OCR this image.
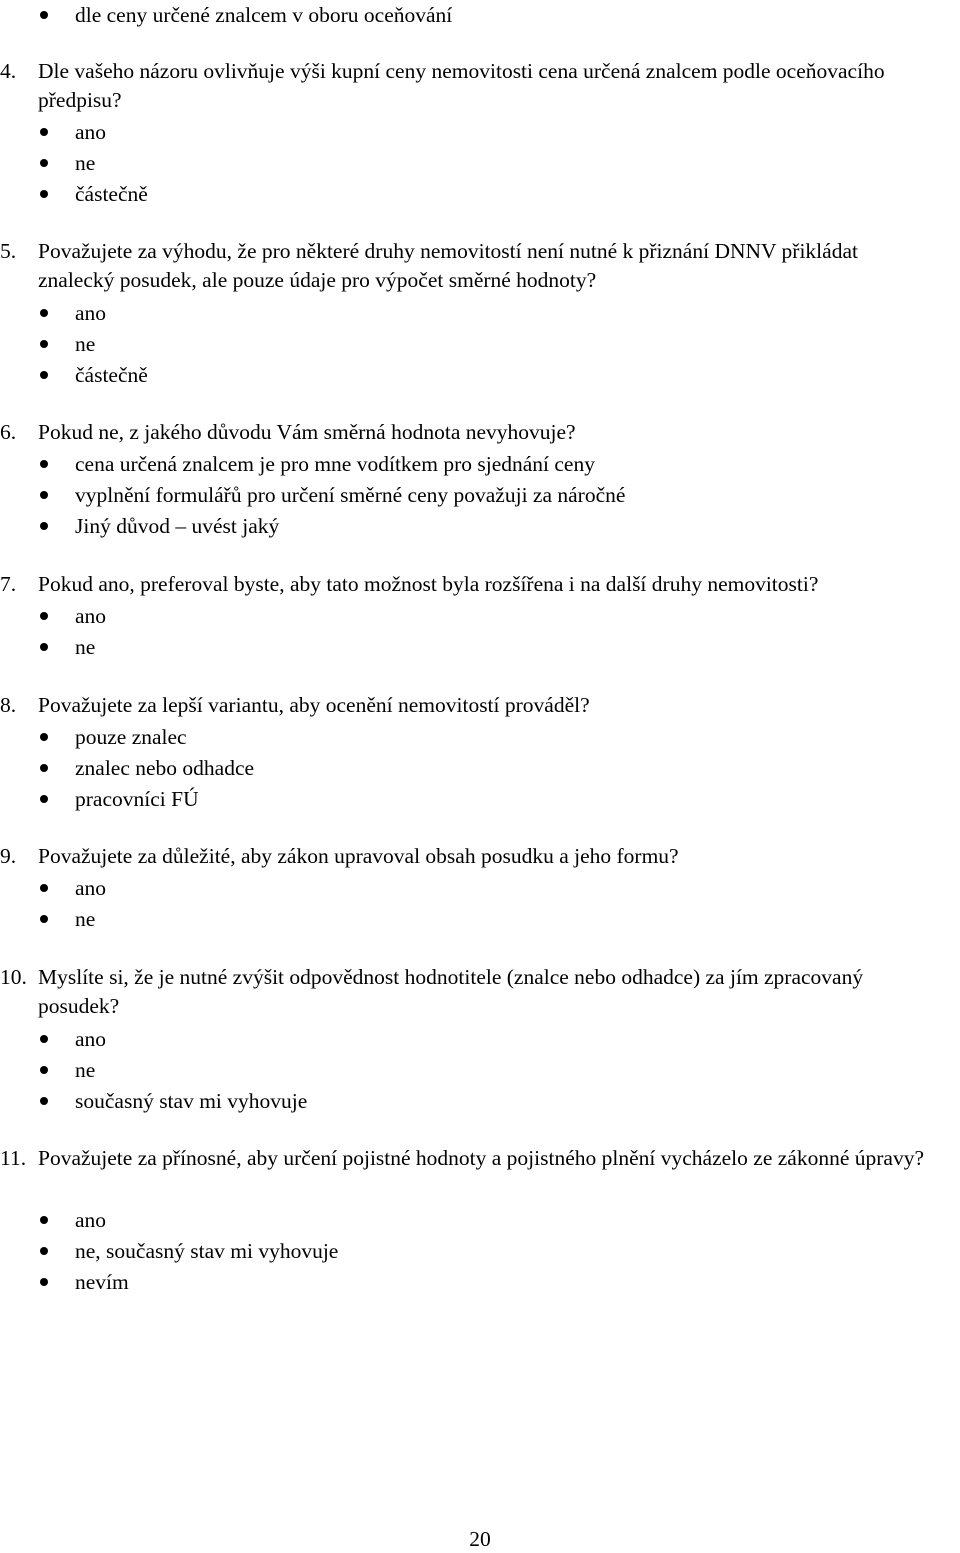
dle ceny určené znalcem v oboru oceňování
4. Dle vašeho názoru ovlivňuje výši kupní ceny nemovitosti cena určená znalcem podle oceňovacího předpisu?
ano
ne
částečně
5. Považujete za výhodu, že pro některé druhy nemovitostí není nutné k přiznání DNNV přikládat znalecký posudek, ale pouze údaje pro výpočet směrné hodnoty?
ano
ne
částečně
6. Pokud ne, z jakého důvodu Vám směrná hodnota nevyhovuje?
cena určená znalcem je pro mne vodítkem pro sjednání ceny
vyplnění formulářů pro určení směrné ceny považuji za náročné
Jiný důvod – uvést jaký
7. Pokud ano, preferoval byste, aby tato možnost byla rozšířena i na další druhy nemovitosti?
ano
ne
8. Považujete za lepší variantu, aby ocenění nemovitostí prováděl?
pouze znalec
znalec nebo odhadce
pracovníci FÚ
9. Považujete za důležité, aby zákon upravoval obsah posudku a jeho formu?
ano
ne
10. Myslíte si, že je nutné zvýšit odpovědnost hodnotitele (znalce nebo odhadce) za jím zpracovaný posudek?
ano
ne
současný stav mi vyhovuje
11. Považujete za přínosné, aby určení pojistné hodnoty a pojistného plnění vycházelo ze zákonné úpravy?
ano
ne, současný stav mi vyhovuje
nevím
20
